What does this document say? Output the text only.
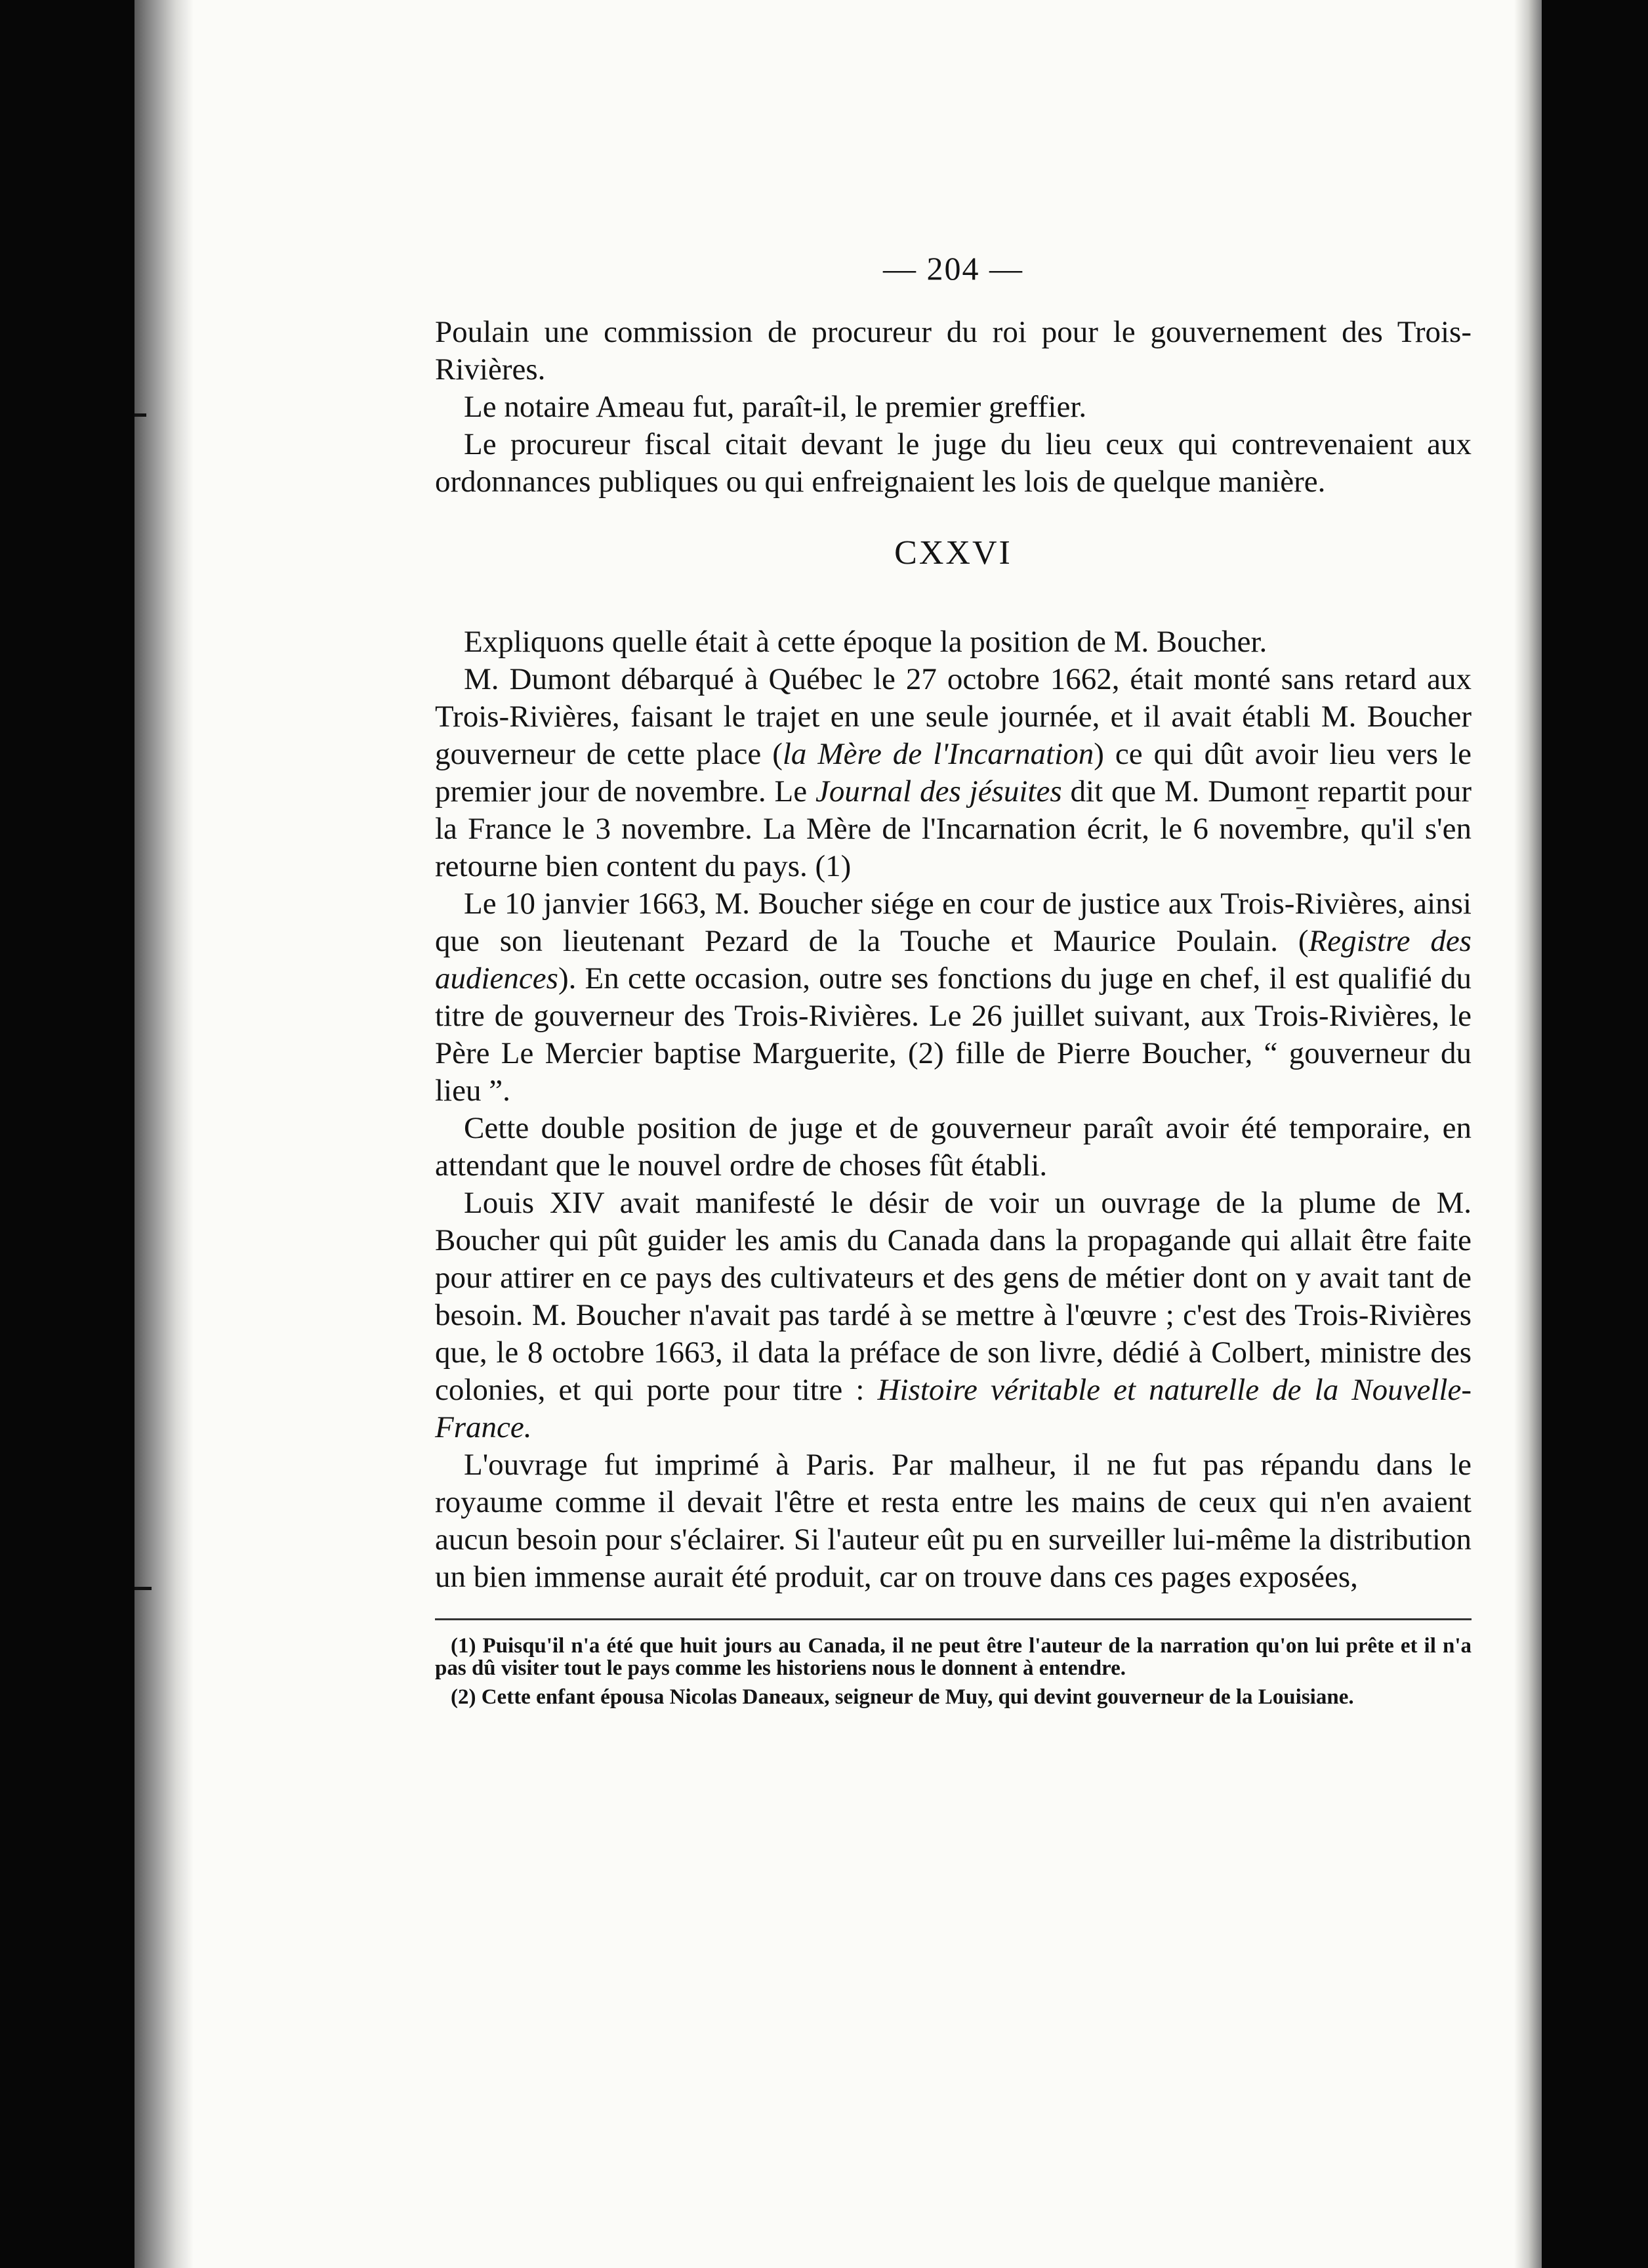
— 204 —

Poulain une commission de procureur du roi pour le gouvernement des Trois-Rivières.

Le notaire Ameau fut, paraît-il, le premier greffier.

Le procureur fiscal citait devant le juge du lieu ceux qui contrevenaient aux ordonnances publiques ou qui enfreignaient les lois de quelque manière.

CXXVI

Expliquons quelle était à cette époque la position de M. Boucher.

M. Dumont débarqué à Québec le 27 octobre 1662, était monté sans retard aux Trois-Rivières, faisant le trajet en une seule journée, et il avait établi M. Boucher gouverneur de cette place (la Mère de l'Incarnation) ce qui dût avoir lieu vers le premier jour de novembre. Le Journal des jésuites dit que M. Dumont repartit pour la France le 3 novembre. La Mère de l'Incarnation écrit, le 6 novembre, qu'il s'en retourne bien content du pays. (1)

Le 10 janvier 1663, M. Boucher siége en cour de justice aux Trois-Rivières, ainsi que son lieutenant Pezard de la Touche et Maurice Poulain. (Registre des audiences). En cette occasion, outre ses fonctions du juge en chef, il est qualifié du titre de gouverneur des Trois-Rivières. Le 26 juillet suivant, aux Trois-Rivières, le Père Le Mercier baptise Marguerite, (2) fille de Pierre Boucher, “ gouverneur du lieu ”.

Cette double position de juge et de gouverneur paraît avoir été temporaire, en attendant que le nouvel ordre de choses fût établi.

Louis XIV avait manifesté le désir de voir un ouvrage de la plume de M. Boucher qui pût guider les amis du Canada dans la propagande qui allait être faite pour attirer en ce pays des cultivateurs et des gens de métier dont on y avait tant de besoin. M. Boucher n'avait pas tardé à se mettre à l'œuvre ; c'est des Trois-Rivières que, le 8 octobre 1663, il data la préface de son livre, dédié à Colbert, ministre des colonies, et qui porte pour titre : Histoire véritable et naturelle de la Nouvelle-France.

L'ouvrage fut imprimé à Paris. Par malheur, il ne fut pas répandu dans le royaume comme il devait l'être et resta entre les mains de ceux qui n'en avaient aucun besoin pour s'éclairer. Si l'auteur eût pu en surveiller lui-même la distribution un bien immense aurait été produit, car on trouve dans ces pages exposées,

(1) Puisqu'il n'a été que huit jours au Canada, il ne peut être l'auteur de la narration qu'on lui prête et il n'a pas dû visiter tout le pays comme les historiens nous le donnent à entendre.

(2) Cette enfant épousa Nicolas Daneaux, seigneur de Muy, qui devint gouverneur de la Louisiane.
